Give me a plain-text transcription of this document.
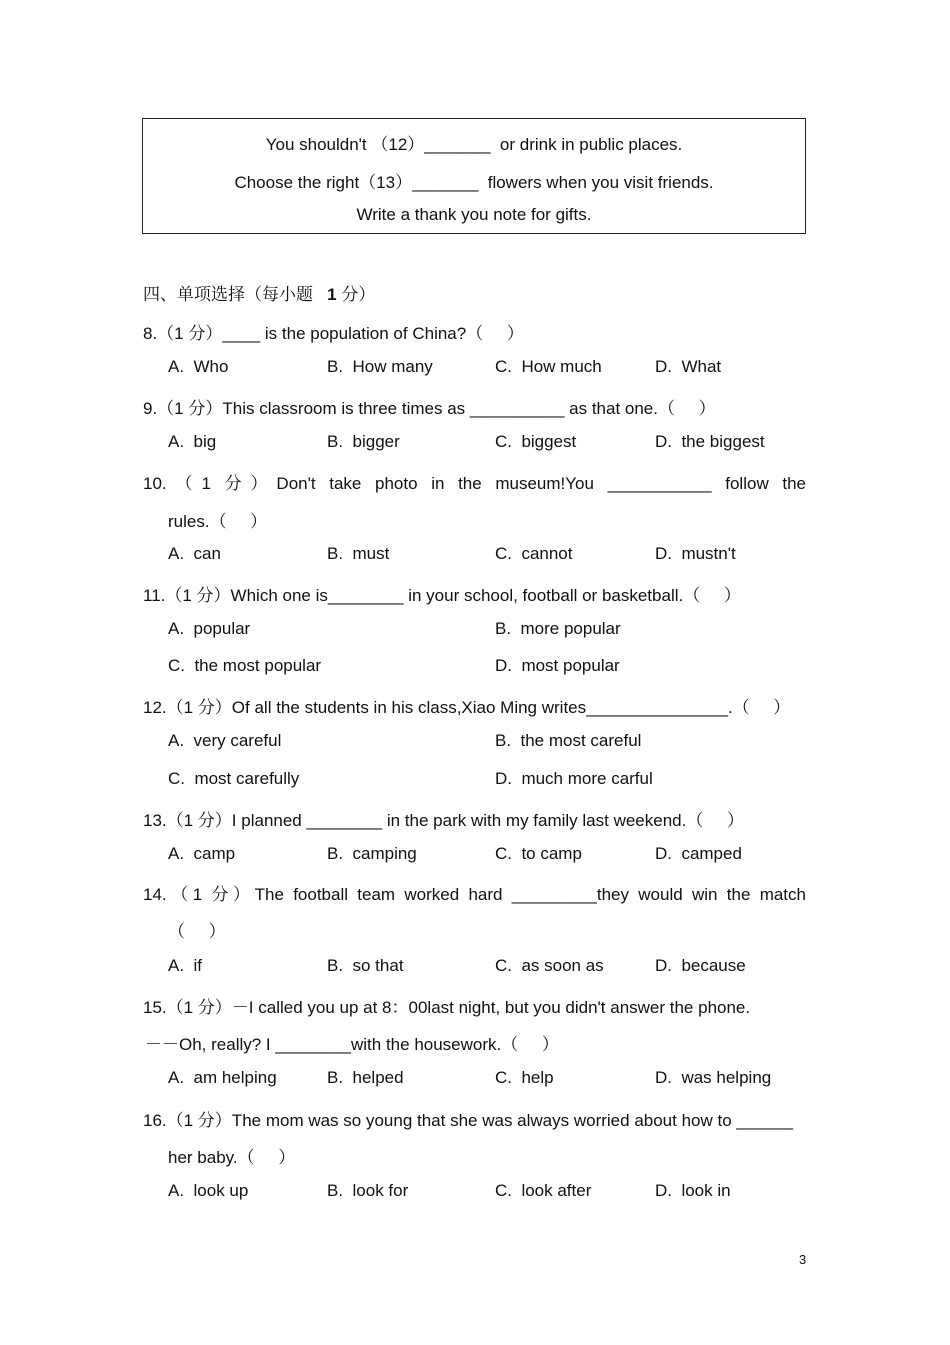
You shouldn't （12）_______  or drink in public places.
Choose the right（13）_______  flowers when you visit friends.
Write a thank you note for gifts.
四、单项选择（每小题 1 分）
8.（1 分）____ is the population of China?（     ）
A.  Who	B.  How many	C.  How much	D.  What
9.（1 分）This classroom is three times as __________ as that one.（     ）
A.  big	B.  bigger	C.  biggest	D.  the biggest
10.（1 分）Don't take photo in the museum!You ___________ follow the
rules.（     ）
A.  can	B.  must	C.  cannot	D.  mustn't
11.（1 分）Which one is________ in your school, football or basketball.（     ）
A.  popular	B.  more popular
C.  the most popular	D.  most popular
12.（1 分）Of all the students in his class,Xiao Ming writes_______________.（     ）
A.  very careful	B.  the most careful
C.  most carefully	D.  much more carful
13.（1 分）I planned ________ in the park with my family last weekend.（     ）
A.  camp	B.  camping	C.  to camp	D.  camped
14.（1 分）The football team worked hard _________they would win the match
（     ）
A.  if	B.  so that	C.  as soon as	D.  because
15.（1 分）－I called you up at 8：00last night, but you didn't answer the phone.
－－Oh, really? I ________with the housework.（     ）
A.  am helping	B.  helped	C.  help	D.  was helping
16.（1 分）The mom was so young that she was always worried about how to ______
her baby.（     ）
A.  look up	B.  look for	C.  look after	D.  look in
3
